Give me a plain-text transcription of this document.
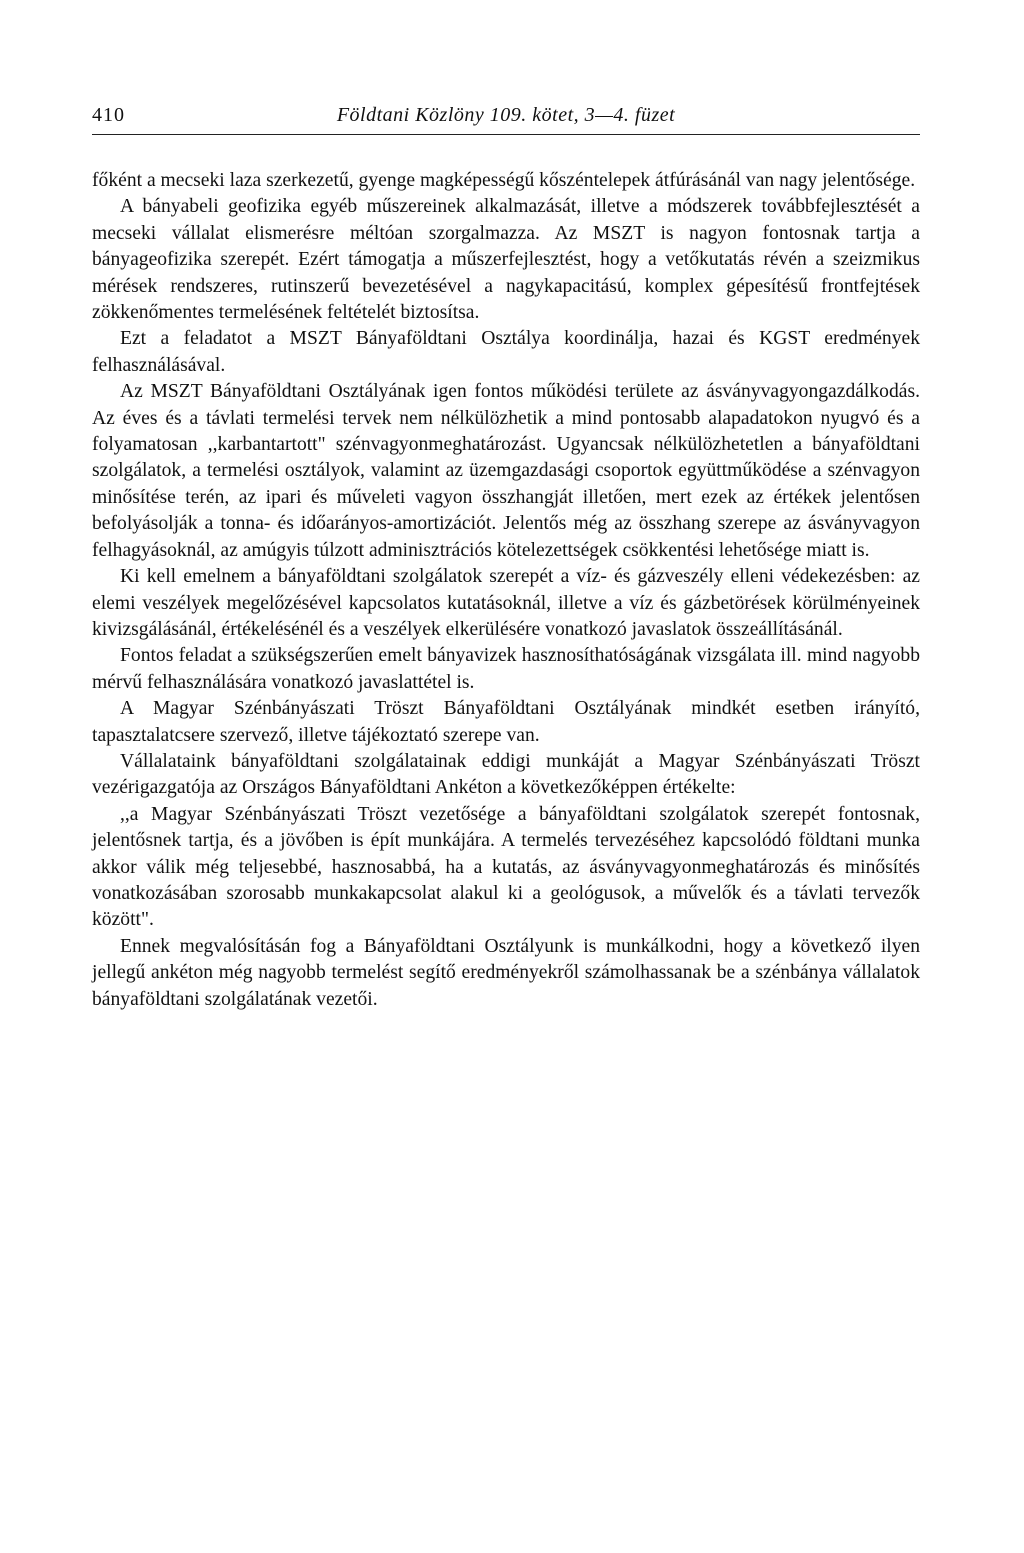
410	Földtani Közlöny 109. kötet, 3—4. füzet

főként a mecseki laza szerkezetű, gyenge magképességű kőszéntelepek átfúrásánál van nagy jelentősége.

A bányabeli geofizika egyéb műszereinek alkalmazását, illetve a módszerek továbbfejlesztését a mecseki vállalat elismerésre méltóan szorgalmazza. Az MSZT is nagyon fontosnak tartja a bányageofizika szerepét. Ezért támogatja a műszerfejlesztést, hogy a vetőkutatás révén a szeizmikus mérések rendszeres, rutinszerű bevezetésével a nagykapacitású, komplex gépesítésű frontfejtések zökkenőmentes termelésének feltételét biztosítsa.

Ezt a feladatot a MSZT Bányaföldtani Osztálya koordinálja, hazai és KGST eredmények felhasználásával.

Az MSZT Bányaföldtani Osztályának igen fontos működési területe az ásványvagyongazdálkodás. Az éves és a távlati termelési tervek nem nélkülözhetik a mind pontosabb alapadatokon nyugvó és a folyamatosan ,,karbantartott" szénvagyonmeghatározást. Ugyancsak nélkülözhetetlen a bányaföldtani szolgálatok, a termelési osztályok, valamint az üzemgazdasági csoportok együttműködése a szénvagyon minősítése terén, az ipari és műveleti vagyon összhangját illetően, mert ezek az értékek jelentősen befolyásolják a tonna- és időarányos-amortizációt. Jelentős még az összhang szerepe az ásványvagyon felhagyásoknál, az amúgyis túlzott adminisztrációs kötelezettségek csökkentési lehetősége miatt is.

Ki kell emelnem a bányaföldtani szolgálatok szerepét a víz- és gázveszély elleni védekezésben: az elemi veszélyek megelőzésével kapcsolatos kutatásoknál, illetve a víz és gázbetörések körülményeinek kivizsgálásánál, értékelésénél és a veszélyek elkerülésére vonatkozó javaslatok összeállításánál.

Fontos feladat a szükségszerűen emelt bányavizek hasznosíthatóságának vizsgálata ill. mind nagyobb mérvű felhasználására vonatkozó javaslattétel is.

A Magyar Szénbányászati Tröszt Bányaföldtani Osztályának mindkét esetben irányító, tapasztalatcsere szervező, illetve tájékoztató szerepe van.

Vállalataink bányaföldtani szolgálatainak eddigi munkáját a Magyar Szénbányászati Tröszt vezérigazgatója az Országos Bányaföldtani Ankéton a következőképpen értékelte:

,,a Magyar Szénbányászati Tröszt vezetősége a bányaföldtani szolgálatok szerepét fontosnak, jelentősnek tartja, és a jövőben is épít munkájára. A termelés tervezéséhez kapcsolódó földtani munka akkor válik még teljesebbé, hasznosabbá, ha a kutatás, az ásványvagyonmeghatározás és minősítés vonatkozásában szorosabb munkakapcsolat alakul ki a geológusok, a művelők és a távlati tervezők között".

Ennek megvalósításán fog a Bányaföldtani Osztályunk is munkálkodni, hogy a következő ilyen jellegű ankéton még nagyobb termelést segítő eredményekről számolhassanak be a szénbánya vállalatok bányaföldtani szolgálatának vezetői.
